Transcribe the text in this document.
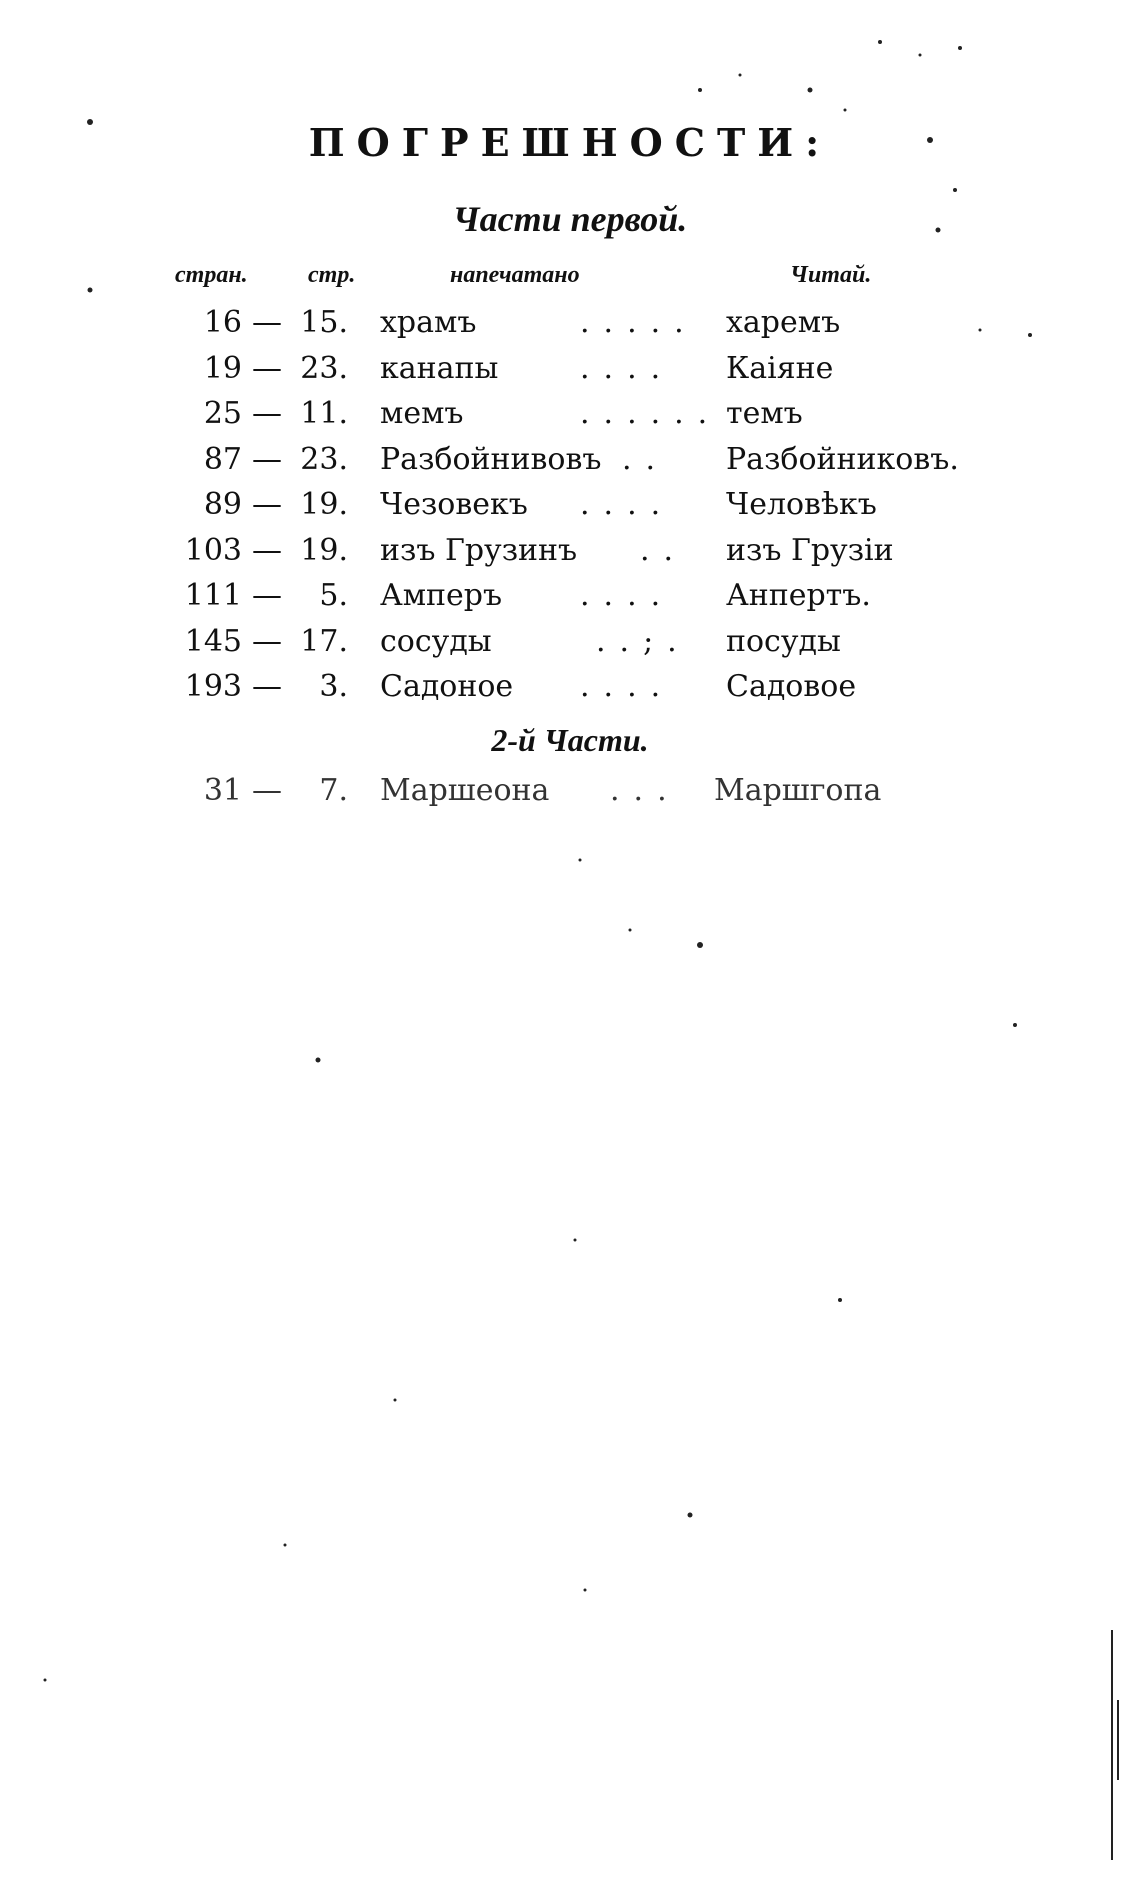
ПОГРЕШНОСТИ:
Части первой.
стран.	стр.	напечатано	Читай.
16 — 15. храмъ	..... харемъ
19 — 23. канапы	.... Каіяне
25 — 11. мемъ	...... темъ
87 — 23. Разбойнивовъ .. Разбойниковъ.
89 — 19. Чезовекъ .... Человѣкъ
103 — 19. изъ Грузинъ .. изъ Грузіи
111 — 5. Амперъ	.... Анпертъ.
145 — 17. сосуды	..;. посуды
193 — 3. Садоное .... Садовое
2-й Части.
31 — 7. Маршеона ... Маршгопа
